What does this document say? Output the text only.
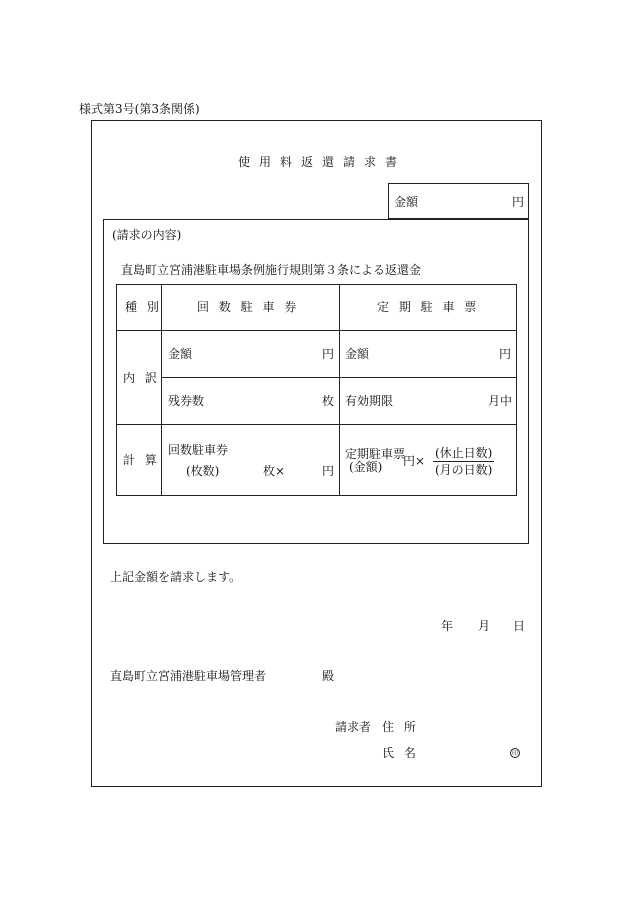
様式第3号(第3条関係)
使用料返還請求書
金額	円
(請求の内容)
直島町立宮浦港駐車場条例施行規則第３条による返還金
種 別	回 数 駐 車 券	定 期 駐 車 票
内 訳
金額	円 金額	円
残券数	枚 有効期限	月中
計 算
回数駐車券
(枚数)	枚×	円
定期駐車票
(金額) 円×
(休止日数)
(月の日数)
上記金額を請求します。
年 月 日
直島町立宮浦港駐車場管理者	殿
請求者 住 所
氏 名	印
